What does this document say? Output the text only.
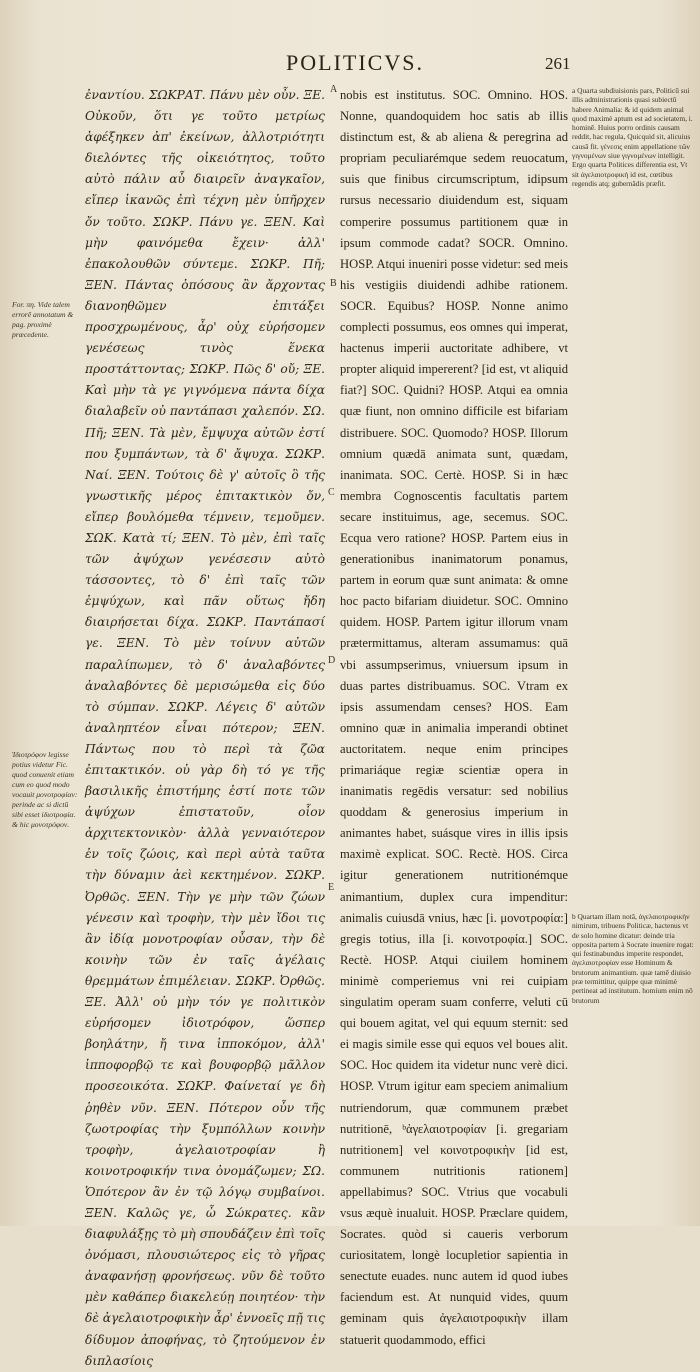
POLITICVS.	261
For. πη. Vide talem errorē annotatum & pag. proximè præcedente.
Ἰδιοτρόφον legisse potius videtur Fic. quod conuenit etiam cum eo quod modo vocauit μονοτροφίαν: perinde ac si dictū sibi esset ἰδιοτροφία. & hic μονοτρόφον.

ἐναντίου. ΣΩΚΡΑΤ. Πάνυ μὲν οὖν. ΞΕ. Οὐκοῦν, ὅτι γε τοῦτο μετρίως ἀφέξηκεν ἀπ' ἐκείνων, ἀλλοτριότητι διελόντες τῆς οἰκειότητος, τοῦτο αὐτὸ πάλιν αὖ διαιρεῖν ἀναγκαῖον, εἴπερ ἱκανῶς ἐπὶ τέχνη μὲν ὑπῆρχεν ὄν τοῦτο. ΣΩΚΡ. Πάνυ γε. ΞΕΝ. Καὶ μὴν φαινόμεθα ἔχειν· ἀλλ' ἐπακολουθῶν σύντεμε. ΣΩΚΡ. Πῆ; ΞΕΝ. Πάντας ὁπόσους ἂν ἄρχοντας διανοηθῶμεν ἐπιτάξει προσχρωμένους, ἆρ' οὐχ εὑρήσομεν γενέσεως τινὸς ἕνεκα προστάττοντας; ΣΩΚΡ. Πῶς δ' οὔ; ΞΕ. Καὶ μὴν τὰ γε γιγνόμενα πάντα δίχα διαλαβεῖν οὐ παντάπασι χαλεπόν. ΣΩ. Πῆ; ΞΕΝ. Τὰ μὲν, ἔμψυχα αὐτῶν ἐστί που ξυμπάντων, τὰ δ' ἄψυχα. ΣΩΚΡ. Ναί. ΞΕΝ. Τούτοις δὲ γ' αὐτοῖς ὃ τῆς γνωστικῆς μέρος ἐπιτακτικὸν ὄν, εἴπερ βουλόμεθα τέμνειν, τεμοῦμεν. ΣΩΚ. Κατὰ τί; ΞΕΝ. Τὸ μὲν, ἐπὶ ταῖς τῶν ἀψύχων γενέσεσιν αὐτὸ τάσσοντες, τὸ δ' ἐπὶ ταῖς τῶν ἐμψύχων, καὶ πᾶν οὕτως ἤδη διαιρήσεται δίχα. ΣΩΚΡ. Παντάπασί γε. ΞΕΝ. Τὸ μὲν τοίνυν αὐτῶν παραλίπωμεν, τὸ δ' ἀναλαβόντες ἀναλαβόντες δὲ μερισώμεθα εἰς δύο τὸ σύμπαν. ΣΩΚΡ. Λέγεις δ' αὐτῶν ἀναληπτέον εἶναι πότερον; ΞΕΝ. Πάντως που τὸ περὶ τὰ ζῶα ἐπιτακτικόν. οὐ γὰρ δὴ τό γε τῆς βασιλικῆς ἐπιστήμης ἐστί ποτε τῶν ἀψύχων ἐπιστατοῦν, οἷον ἀρχιτεκτονικὸν· ἀλλὰ γενναιότερον ἐν τοῖς ζώοις, καὶ περὶ αὐτὰ ταῦτα τὴν δύναμιν ἀεὶ κεκτημένον. ΣΩΚΡ. Ὀρθῶς. ΞΕΝ. Τὴν γε μὴν τῶν ζώων γένεσιν καὶ τροφὴν, τὴν μὲν ἴδοι τις ἂν ἰδίᾳ μονοτροφίαν οὖσαν, τὴν δὲ κοινὴν τῶν ἐν ταῖς ἀγέλαις θρεμμάτων ἐπιμέλειαν. ΣΩΚΡ. Ὀρθῶς. ΞΕ. Ἀλλ' οὐ μὴν τόν γε πολιτικὸν εὑρήσομεν ἰδιοτρόφον, ὥσπερ βοηλάτην, ἤ τινα ἱπποκόμον, ἀλλ' ἱπποφορβῷ τε καὶ βουφορβῷ μᾶλλον προσεοικότα. ΣΩΚΡ. Φαίνεταί γε δὴ ῥηθὲν νῦν. ΞΕΝ. Πότερον οὖν τῆς ζωοτροφίας τὴν ξυμπόλλων κοινὴν τροφὴν, ἀγελαιοτροφίαν ἢ κοινοτροφικήν τινα ὀνομάζωμεν; ΣΩ. Ὁπότερον ἂν ἐν τῷ λόγῳ συμβαίνοι. ΞΕΝ. Καλῶς γε, ὦ Σώκρατες. κἂν διαφυλάξῃς τὸ μὴ σπουδάζειν ἐπὶ τοῖς ὀνόμασι, πλουσιώτερος εἰς τὸ γῆρας ἀναφανήσῃ φρονήσεως. νῦν δὲ τοῦτο μὲν καθάπερ διακελεύῃ ποιητέον· τὴν δὲ ἀγελαιοτροφικὴν ἆρ' ἐννοεῖς πῇ τις δίδυμον ἀποφήνας, τὸ ζητούμενον ἐν διπλασίοις

A
B
C
D
E

nobis est institutus. SOC. Omnino. HOS. Nonne, quandoquidem hoc satis ab illis distinctum est, & ab aliena & peregrina ad propriam peculiarémque sedem reuocatum, suis que finibus circumscriptum, idipsum rursus necessario diuidendum est, siquam comperire possumus partitionem quæ in ipsum commode cadat? SOCR. Omnino. HOSP. Atqui inueniri posse videtur: sed meis his vestigiis diuidendi adhibe rationem. SOCR. Equibus? HOSP. Nonne animo complecti possumus, eos omnes qui imperat, hactenus imperii auctoritate adhibere, vt propter aliquid impererent? [id est, vt aliquid fiat?] SOC. Quidni? HOSP. Atqui ea omnia quæ fiunt, non omnino difficile est bifariam distribuere. SOC. Quomodo? HOSP. Illorum omnium quædā animata sunt, quædam, inanimata. SOC. Certè. HOSP. Si in hæc membra Cognoscentis facultatis partem secare instituimus, age, secemus. SOC. Ecqua vero ratione? HOSP. Partem eius in generationibus inanimatorum ponamus, partem in eorum quæ sunt animata: & omne hoc pacto bifariam diuidetur. SOC. Omnino quidem. HOSP. Partem igitur illorum vnam prætermittamus, alteram assumamus: quā vbi assumpserimus, vniuersum ipsum in duas partes distribuamus. SOC. Vtram ex ipsis assumendam censes? HOS. Eam omnino quæ in animalia imperandi obtinet auctoritatem. neque enim principes primariáque regiæ scientiæ opera in inanimatis regēdis versatur: sed nobilius quoddam & generosius imperium in animantes habet, suásque vires in illis ipsis maximè explicat. SOC. Rectè. HOS. Circa igitur generationem nutritionémque animantium, duplex cura impenditur: animalis cuiusdā vnius, hæc [i. μονοτροφία:] gregis totius, illa [i. κοινοτροφία.] SOC. Rectè. HOSP. Atqui ciuilem hominem minimè comperiemus vni rei cuipiam singulatim operam suam conferre, veluti cū qui bouem agitat, vel qui equum sternit: sed ei magis simile esse qui equos vel boues alit. SOC. Hoc quidem ita videtur nunc verè dici. HOSP. Vtrum igitur eam speciem animalium nutriendorum, quæ communem præbet nutritionē, ᵇἀγελαιοτροφίαν [i. gregariam nutritionem] vel κοινοτροφικὴν [id est, communem nutritionis rationem] appellabimus? SOC. Vtrius que vocabuli vsus æquè inualuit. HOSP. Præclare quidem, Socrates. quòd si caueris verborum curiositatem, longè locupletior sapientia in senectute euades. nunc autem id quod iubes faciendum est. At nunquid vides, quum geminam quis ἀγελαιοτροφικὴν illam statuerit quodammodo, effici

a Quarta subdiuisionis pars, Politicū sui illis administrationis quasi subiectū habere Animalia: & id quidem animal quod maximè aptum est ad societatem, i. hominē. Huius porro ordinis causam reddit, hac regula, Quicquid sit, alicuius causā fit. γένεσις enim appellatione τῶν γιγνομένων siue γιγνομένων intelligit. Ergo quarta Politices differentia est, Vt sit ἀγελαιοτροφική id est, cœtibus regendis atq; gubernādis præfit.
b Quartam illam notā, ἀγελαιοτροφικὴν nimirum, tribuens Politicæ, hactenus vt de solo homine dicatur: deinde tria opposita partem à Socrate inuenire rogat: qui festinabundus imperite respondet, ἀγελαιοτροφίαν esse Hominum & brutorum animantium. quæ tamē diuisio præ termittitur, quippe quæ minimè pertineat ad institutum. homium enim nō brutorum
